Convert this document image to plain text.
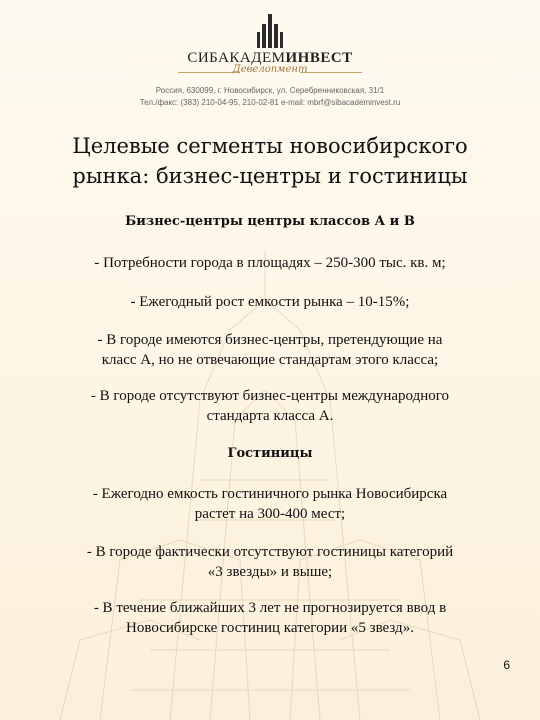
СИБАКАДЕМИНВЕСТ
Девелопмент
Россия, 630099, г. Новосибирск, ул. Серебренниковская, 31/1
Тел./факс: (383) 210-04-95, 210-02-81 e-mail: mbrf@sibacademinvest.ru
Целевые сегменты новосибирского
рынка: бизнес-центры и гостиницы
Бизнес-центры центры классов А и В
- Потребности города в площадях – 250-300 тыс. кв. м;
- Ежегодный рост емкости рынка – 10-15%;
- В городе имеются бизнес-центры, претендующие на
класс А, но не отвечающие стандартам этого класса;
- В городе отсутствуют бизнес-центры международного
стандарта класса А.
Гостиницы
- Ежегодно емкость гостиничного рынка Новосибирска
растет на 300-400 мест;
- В городе фактически отсутствуют гостиницы категорий
«3 звезды» и выше;
- В течение ближайших 3 лет не прогнозируется ввод в
Новосибирске гостиниц категории «5 звезд».
6
